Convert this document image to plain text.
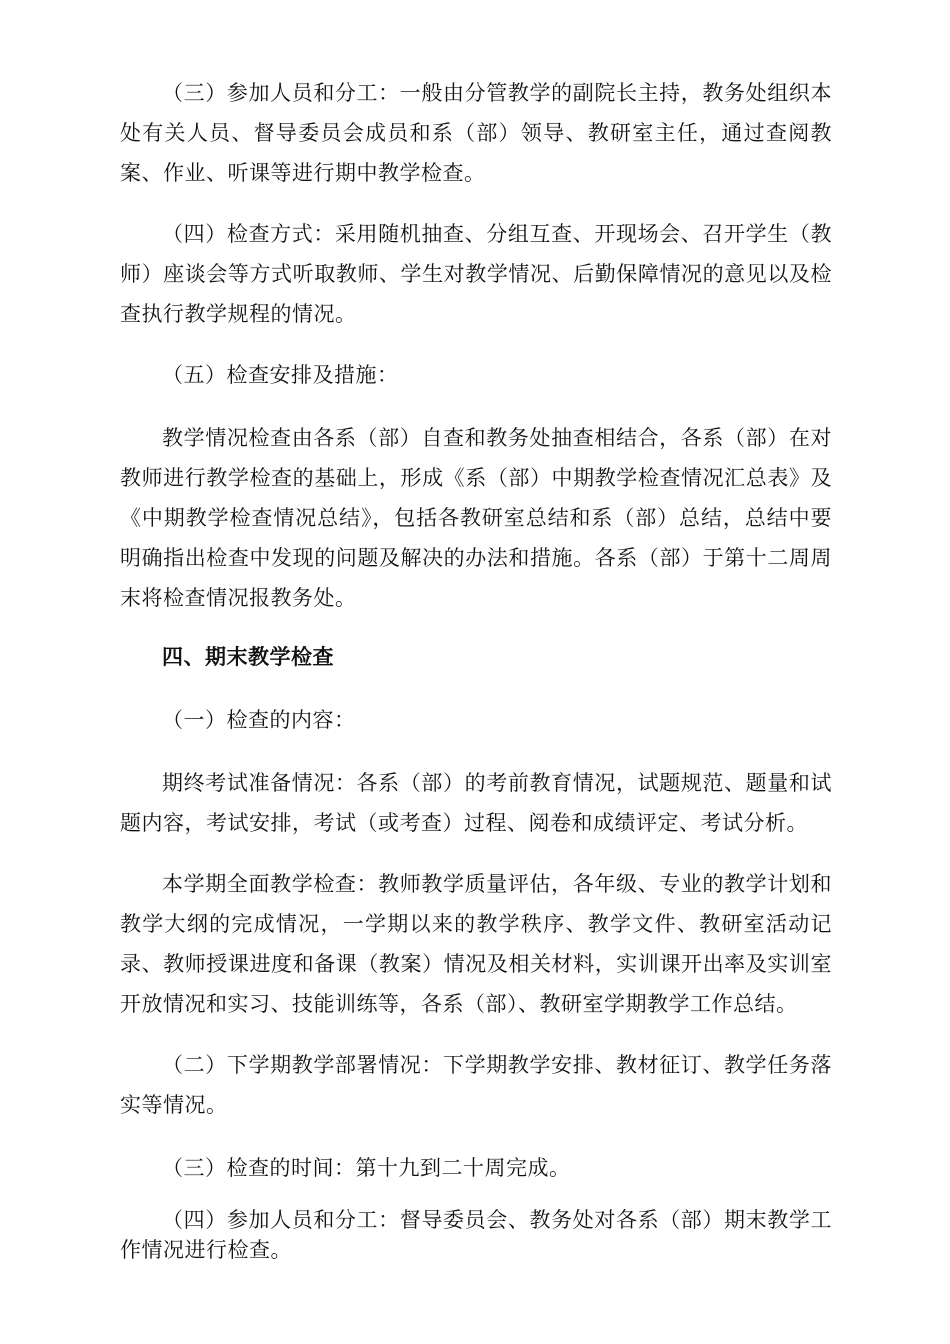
（三）参加人员和分工：一般由分管教学的副院长主持，教务处组织本处有关人员、督导委员会成员和系（部）领导、教研室主任，通过查阅教案、作业、听课等进行期中教学检查。

（四）检查方式：采用随机抽查、分组互查、开现场会、召开学生（教师）座谈会等方式听取教师、学生对教学情况、后勤保障情况的意见以及检查执行教学规程的情况。

（五）检查安排及措施：

教学情况检查由各系（部）自查和教务处抽查相结合，各系（部）在对教师进行教学检查的基础上，形成《系（部）中期教学检查情况汇总表》及《中期教学检查情况总结》，包括各教研室总结和系（部）总结，总结中要明确指出检查中发现的问题及解决的办法和措施。各系（部）于第十二周周末将检查情况报教务处。

四、期末教学检查

（一）检查的内容：

期终考试准备情况：各系（部）的考前教育情况，试题规范、题量和试题内容，考试安排，考试（或考查）过程、阅卷和成绩评定、考试分析。

本学期全面教学检查：教师教学质量评估，各年级、专业的教学计划和教学大纲的完成情况，一学期以来的教学秩序、教学文件、教研室活动记录、教师授课进度和备课（教案）情况及相关材料，实训课开出率及实训室开放情况和实习、技能训练等，各系（部）、教研室学期教学工作总结。

（二）下学期教学部署情况：下学期教学安排、教材征订、教学任务落实等情况。

（三）检查的时间：第十九到二十周完成。

（四）参加人员和分工：督导委员会、教务处对各系（部）期末教学工作情况进行检查。
